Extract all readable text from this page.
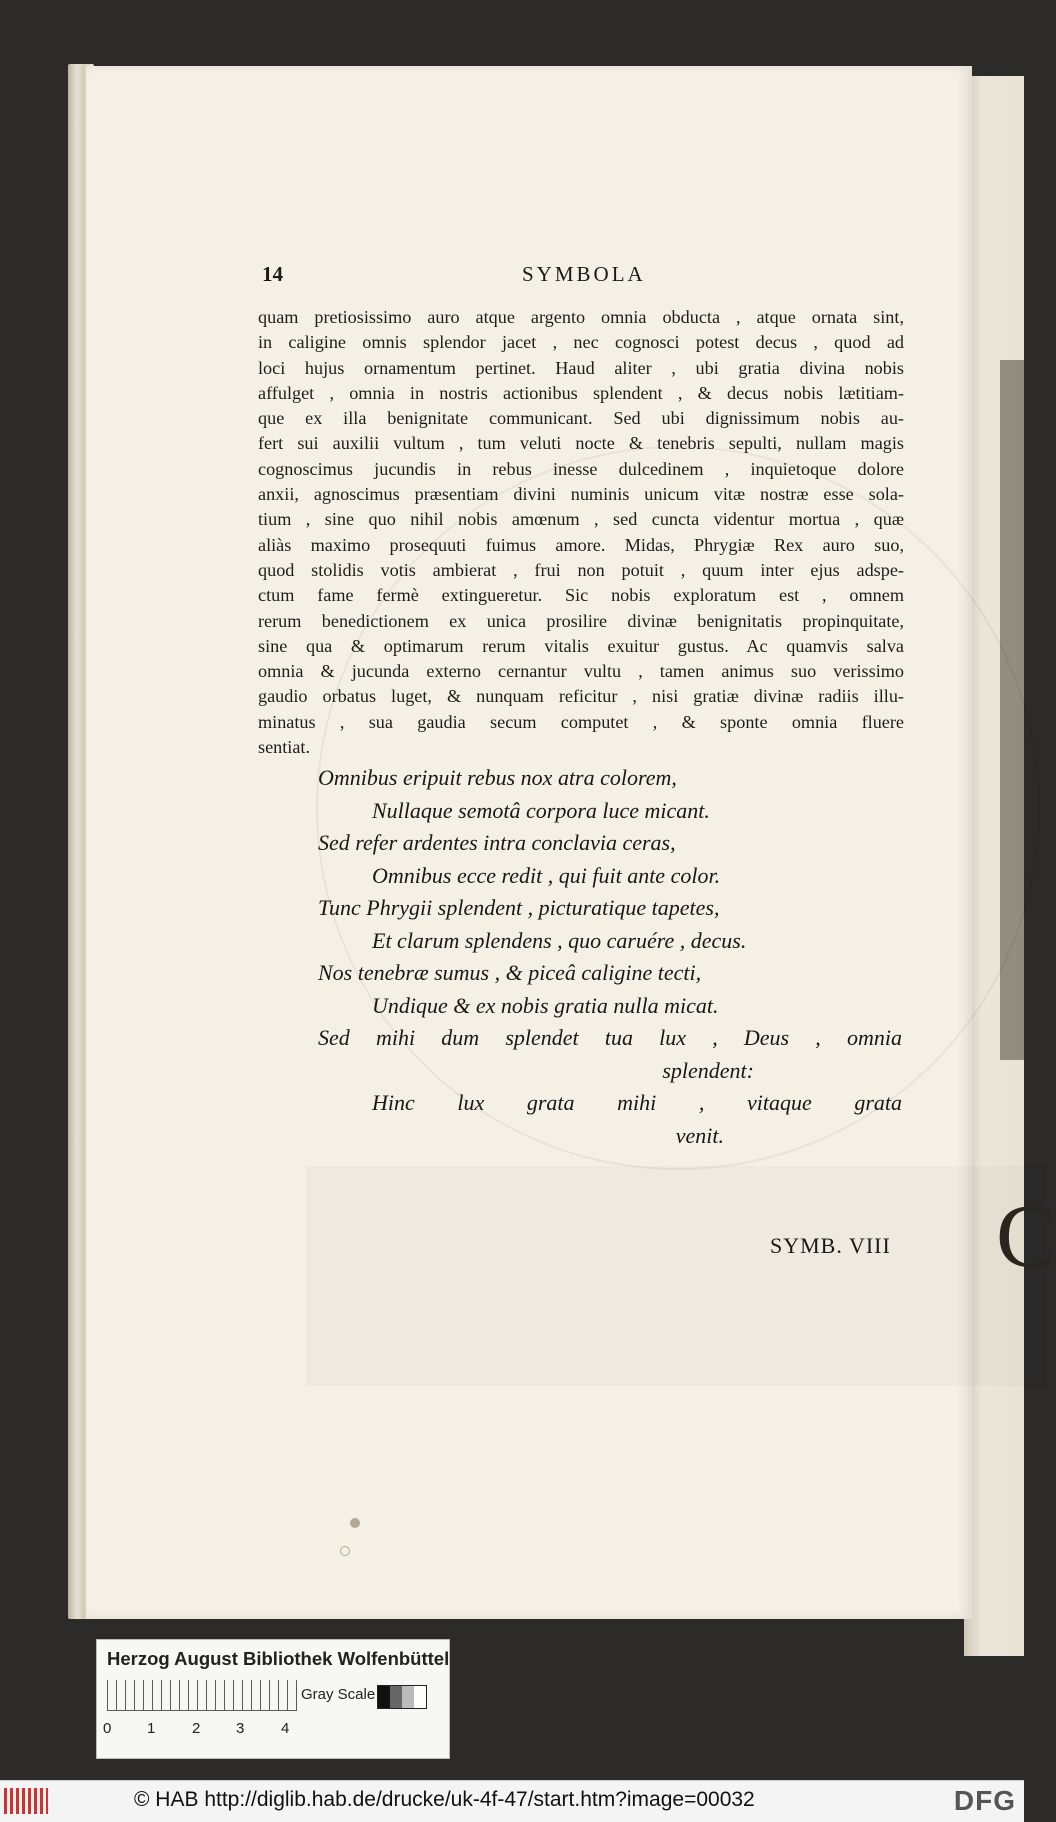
C
14	SYMBOLA
quam pretiosissimo auro atque argento omnia obducta , atque ornata sint,
in caligine omnis splendor jacet , nec cognosci potest decus , quod ad
loci hujus ornamentum pertinet. Haud aliter , ubi gratia divina nobis
affulget , omnia in nostris actionibus splendent , & decus nobis lætitiam-
que ex illa benignitate communicant. Sed ubi dignissimum nobis au-
fert sui auxilii vultum , tum veluti nocte & tenebris sepulti, nullam magis
cognoscimus jucundis in rebus inesse dulcedinem , inquietoque dolore
anxii, agnoscimus præsentiam divini numinis unicum vitæ nostræ esse sola-
tium , sine quo nihil nobis amœnum , sed cuncta videntur mortua , quæ
aliàs maximo prosequuti fuimus amore. Midas, Phrygiæ Rex auro suo,
quod stolidis votis ambierat , frui non potuit , quum inter ejus adspe-
ctum fame fermè extingueretur. Sic nobis exploratum est , omnem
rerum benedictionem ex unica prosilire divinæ benignitatis propinquitate,
sine qua & optimarum rerum vitalis exuitur gustus. Ac quamvis salva
omnia & jucunda externo cernantur vultu , tamen animus suo verissimo
gaudio orbatus luget, & nunquam reficitur , nisi gratiæ divinæ radiis illu-
minatus , sua gaudia secum computet , & sponte omnia fluere
sentiat.
Omnibus eripuit rebus nox atra colorem,
Nullaque semotâ corpora luce micant.
Sed refer ardentes intra conclavia ceras,
Omnibus ecce redit , qui fuit ante color.
Tunc Phrygii splendent , picturatique tapetes,
Et clarum splendens , quo caruére , decus.
Nos tenebræ sumus , & piceâ caligine tecti,
Undique & ex nobis gratia nulla micat.
Sed mihi dum splendet tua lux , Deus , omnia
splendent:
Hinc lux grata mihi , vitaque grata
venit.
SYMB. VIII
Herzog August Bibliothek Wolfenbüttel
0 1 2 3 4
Gray Scale
© HAB http://diglib.hab.de/drucke/uk-4f-47/start.htm?image=00032	DFG
